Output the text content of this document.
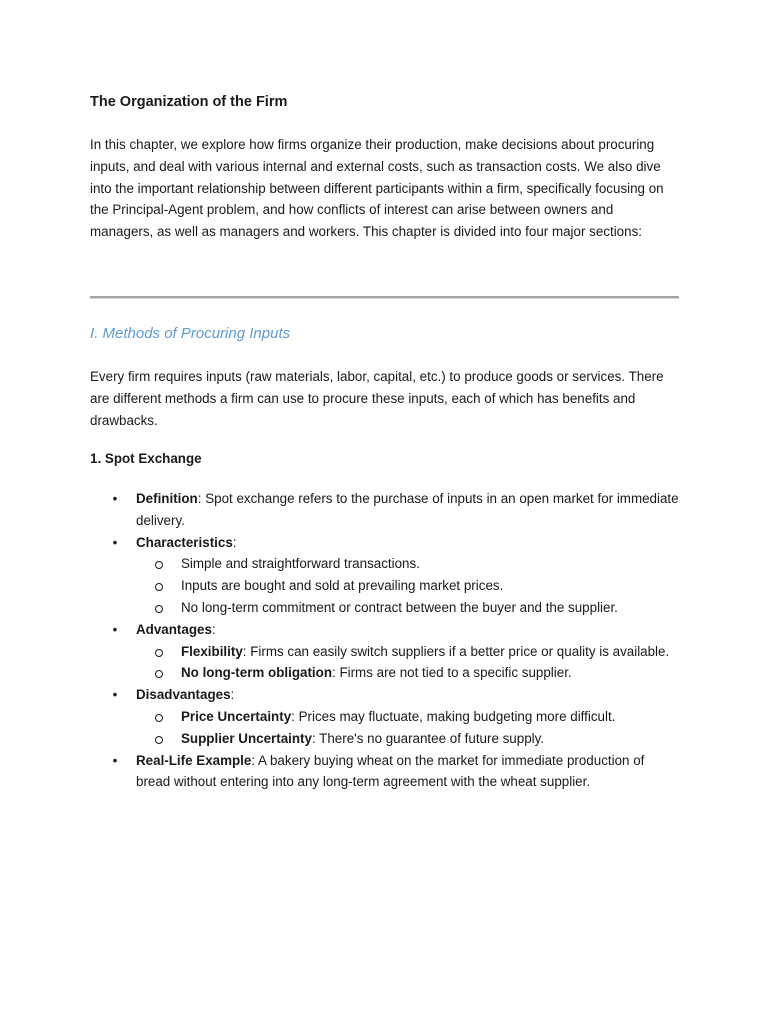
The Organization of the Firm

In this chapter, we explore how firms organize their production, make decisions about procuring inputs, and deal with various internal and external costs, such as transaction costs. We also dive into the important relationship between different participants within a firm, specifically focusing on the Principal-Agent problem, and how conflicts of interest can arise between owners and managers, as well as managers and workers. This chapter is divided into four major sections:

I. Methods of Procuring Inputs

Every firm requires inputs (raw materials, labor, capital, etc.) to produce goods or services. There are different methods a firm can use to procure these inputs, each of which has benefits and drawbacks.

1. Spot Exchange
• Definition: Spot exchange refers to the purchase of inputs in an open market for immediate delivery.
• Characteristics:
Simple and straightforward transactions.
Inputs are bought and sold at prevailing market prices.
No long-term commitment or contract between the buyer and the supplier.
• Advantages:
Flexibility: Firms can easily switch suppliers if a better price or quality is available.
No long-term obligation: Firms are not tied to a specific supplier.
• Disadvantages:
Price Uncertainty: Prices may fluctuate, making budgeting more difficult.
Supplier Uncertainty: There's no guarantee of future supply.
• Real-Life Example: A bakery buying wheat on the market for immediate production of bread without entering into any long-term agreement with the wheat supplier.
